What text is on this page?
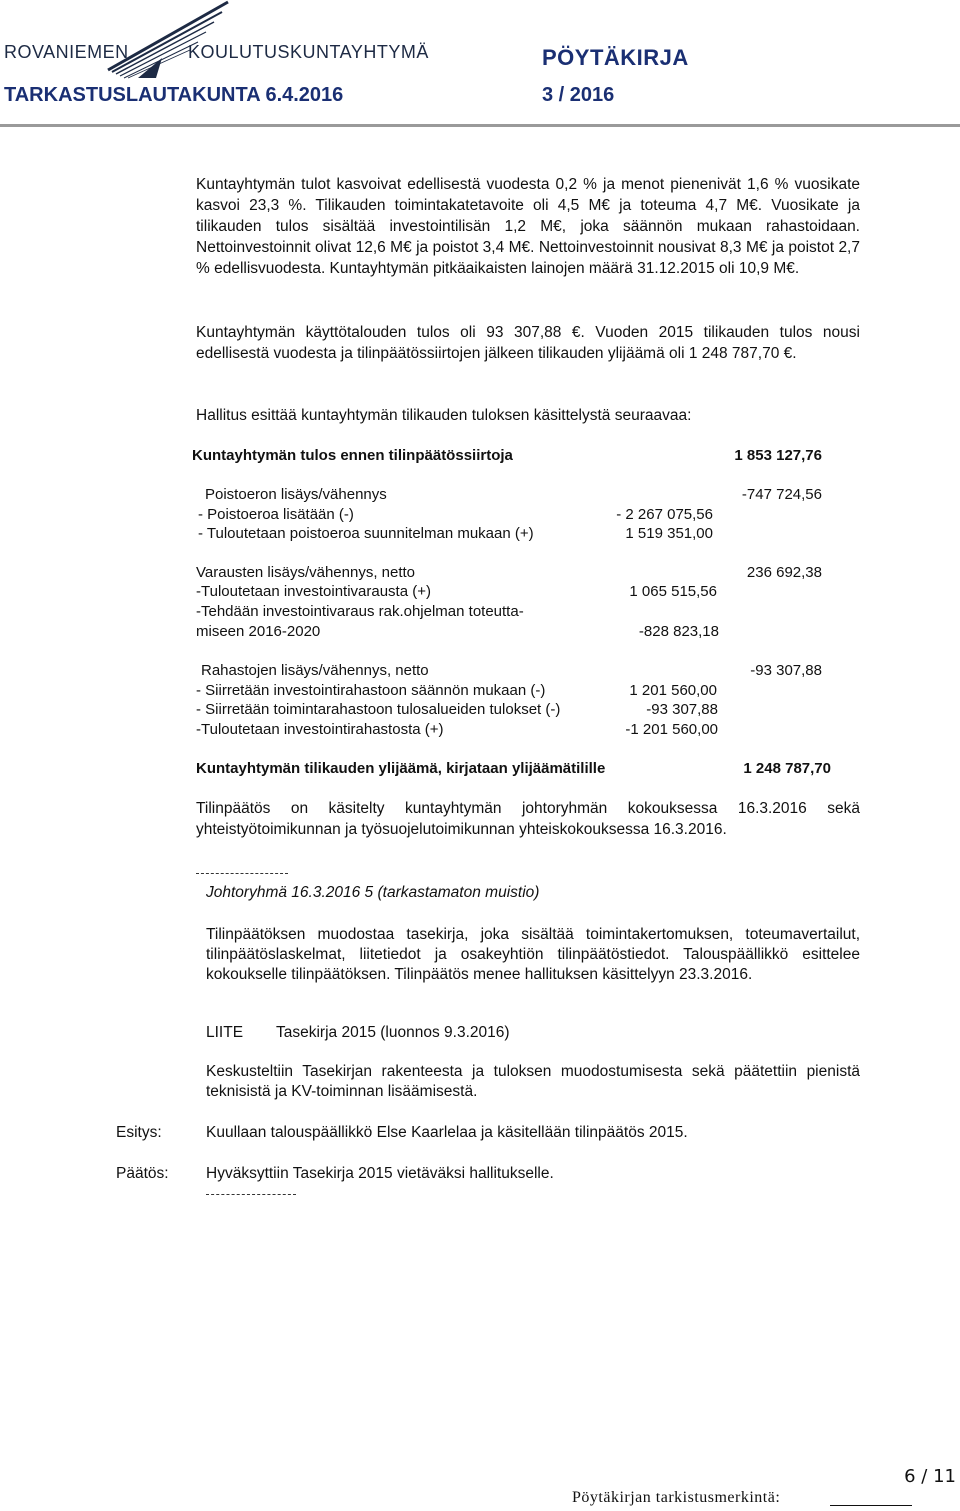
ROVANIEMEN	KOULUTUSKUNTAYHTYMÄ	PÖYTÄKIRJA
TARKASTUSLAUTAKUNTA 6.4.2016	3 / 2016
Kuntayhtymän tulot kasvoivat edellisestä vuodesta 0,2 % ja menot pienenivät 1,6 % vuosikate kasvoi 23,3 %. Tilikauden toimintakatetavoite oli 4,5 M€ ja toteuma 4,7 M€. Vuosikate ja tilikauden tulos sisältää investointilisän 1,2 M€, joka säännön mukaan rahastoidaan. Nettoinvestoinnit olivat 12,6 M€ ja poistot 3,4 M€. Nettoinvestoinnit nousivat 8,3 M€ ja poistot 2,7 % edellisvuodesta. Kuntayhtymän pitkäaikaisten lainojen määrä 31.12.2015 oli 10,9 M€.
Kuntayhtymän käyttötalouden tulos oli 93 307,88 €. Vuoden 2015 tilikauden tulos nousi edellisestä vuodesta ja tilinpäätössiirtojen jälkeen tilikauden ylijäämä oli 1 248 787,70 €.
Hallitus esittää kuntayhtymän tilikauden tuloksen käsittelystä seuraavaa:
Kuntayhtymän tulos ennen tilinpäätössiirtoja	1 853 127,76
Poistoeron lisäys/vähennys	-747 724,56
- Poistoeroa lisätään (-)	- 2 267 075,56
- Tuloutetaan poistoeroa suunnitelman mukaan (+)	1 519 351,00
Varausten lisäys/vähennys, netto	236 692,38
-Tuloutetaan investointivarausta (+)	1 065 515,56
-Tehdään investointivaraus rak.ohjelman toteutta-
miseen 2016-2020	-828 823,18
Rahastojen lisäys/vähennys, netto	-93 307,88
- Siirretään investointirahastoon säännön mukaan (-)	1 201 560,00
- Siirretään toimintarahastoon tulosalueiden tulokset (-)	-93 307,88
-Tuloutetaan investointirahastosta (+)	-1 201 560,00
Kuntayhtymän tilikauden ylijäämä, kirjataan ylijäämätilille	1 248 787,70
Tilinpäätös on käsitelty kuntayhtymän johtoryhmän kokouksessa 16.3.2016 sekä yhteistyötoimikunnan ja työsuojelutoimikunnan yhteiskokouksessa 16.3.2016.
Johtoryhmä 16.3.2016 5 (tarkastamaton muistio)
Tilinpäätöksen muodostaa tasekirja, joka sisältää toimintakertomuksen, toteumavertailut, tilinpäätöslaskelmat, liitetiedot ja osakeyhtiön tilinpäätöstiedot. Talouspäällikkö esittelee kokoukselle tilinpäätöksen. Tilinpäätös menee hallituksen käsittelyyn 23.3.2016.
LIITE Tasekirja 2015 (luonnos 9.3.2016)
Keskusteltiin Tasekirjan rakenteesta ja tuloksen muodostumisesta sekä päätettiin pienistä teknisistä ja KV-toiminnan lisäämisestä.
Esitys:	Kuullaan talouspäällikkö Else Kaarlelaa ja käsitellään tilinpäätös 2015.
Päätös: Hyväksyttiin Tasekirja 2015 vietäväksi hallitukselle.
6 / 11
Pöytäkirjan tarkistusmerkintä:
